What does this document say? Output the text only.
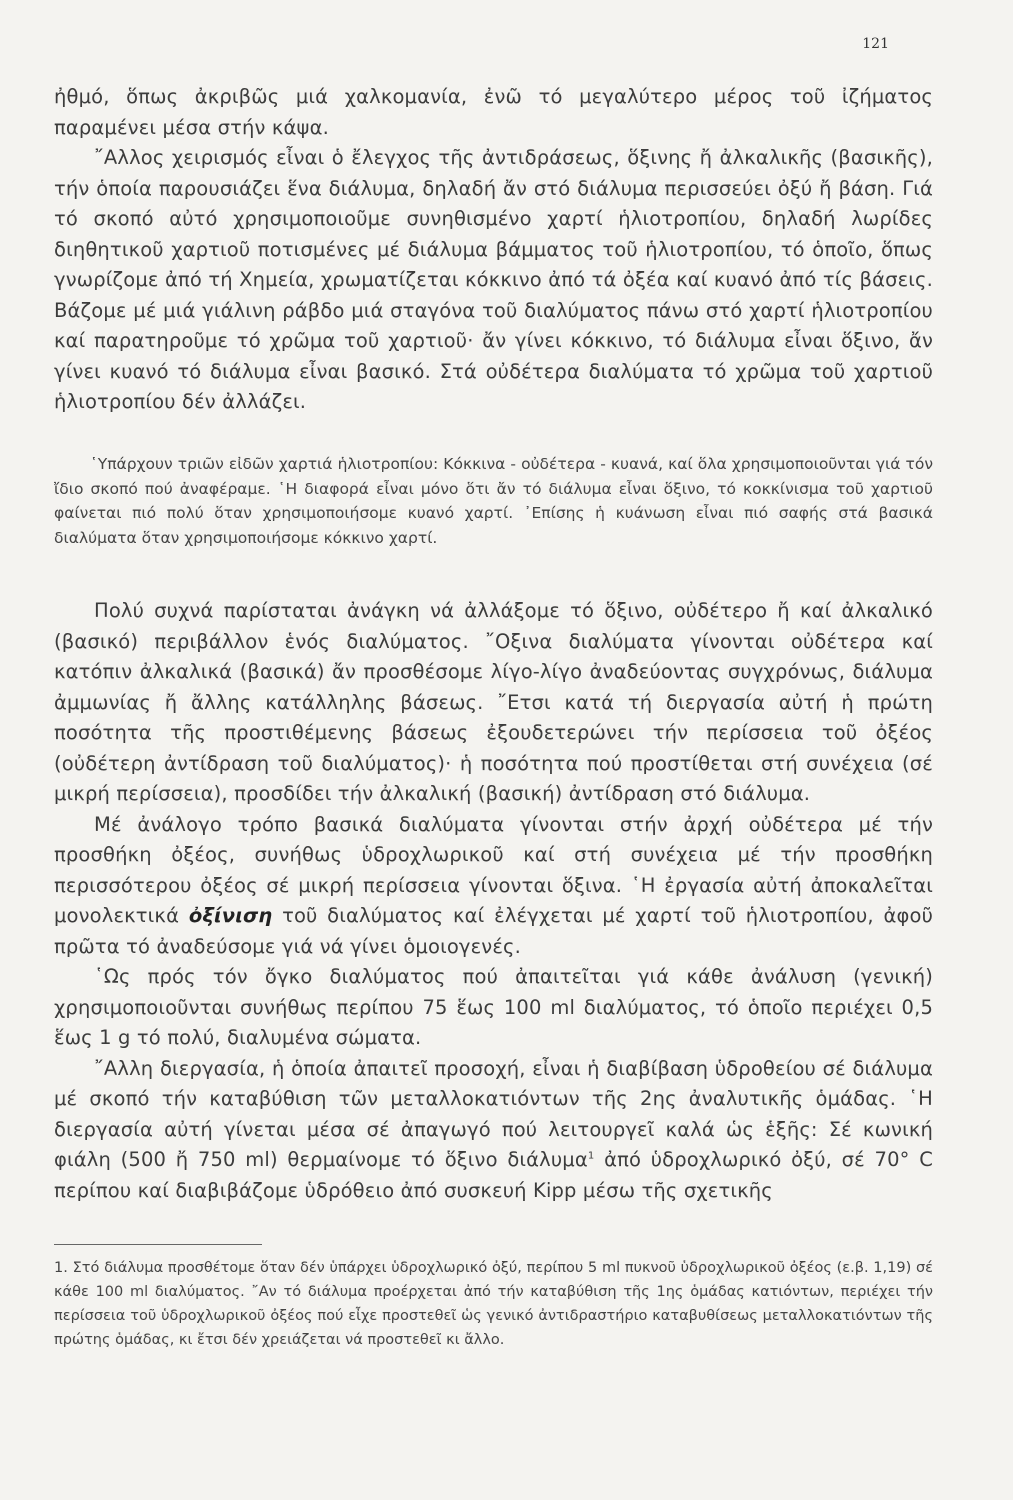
121

ἠθμό, ὅπως ἀκριβῶς μιά χαλκομανία, ἐνῶ τό μεγαλύτερο μέρος τοῦ ἰζήματος παραμένει μέσα στήν κάψα.

῎Αλλος χειρισμός εἶναι ὁ ἔλεγχος τῆς ἀντιδράσεως, ὅξινης ἤ ἀλκαλικῆς (βασικῆς), τήν ὁποία παρουσιάζει ἕνα διάλυμα, δηλαδή ἄν στό διάλυμα περισσεύει ὀξύ ἤ βάση. Γιά τό σκοπό αὐτό χρησιμοποιοῦμε συνηθισμένο χαρτί ἡλιοτροπίου, δηλαδή λωρίδες διηθητικοῦ χαρτιοῦ ποτισμένες μέ διάλυμα βάμματος τοῦ ἡλιοτροπίου, τό ὁποῖο, ὅπως γνωρίζομε ἀπό τή Χημεία, χρωματίζεται κόκκινο ἀπό τά ὀξέα καί κυανό ἀπό τίς βάσεις. Βάζομε μέ μιά γιάλινη ράβδο μιά σταγόνα τοῦ διαλύματος πάνω στό χαρτί ἡλιοτροπίου καί παρατηροῦμε τό χρῶμα τοῦ χαρτιοῦ· ἄν γίνει κόκκινο, τό διάλυμα εἶναι ὅξινο, ἄν γίνει κυανό τό διάλυμα εἶναι βασικό. Στά οὐδέτερα διαλύματα τό χρῶμα τοῦ χαρτιοῦ ἡλιοτροπίου δέν ἀλλάζει.

῾Υπάρχουν τριῶν εἰδῶν χαρτιά ἡλιοτροπίου: Κόκκινα - οὐδέτερα - κυανά, καί ὅλα χρησιμοποιοῦνται γιά τόν ἴδιο σκοπό πού ἀναφέραμε. ῾Η διαφορά εἶναι μόνο ὅτι ἄν τό διάλυμα εἶναι ὅξινο, τό κοκκίνισμα τοῦ χαρτιοῦ φαίνεται πιό πολύ ὅταν χρησιμοποιήσομε κυανό χαρτί. ᾿Επίσης ἡ κυάνωση εἶναι πιό σαφής στά βασικά διαλύματα ὅταν χρησιμοποιήσομε κόκκινο χαρτί.

Πολύ συχνά παρίσταται ἀνάγκη νά ἀλλάξομε τό ὅξινο, οὐδέτερο ἤ καί ἀλκαλικό (βασικό) περιβάλλον ἑνός διαλύματος. ῎Οξινα διαλύματα γίνονται οὐδέτερα καί κατόπιν ἀλκαλικά (βασικά) ἄν προσθέσομε λίγο-λίγο ἀναδεύοντας συγχρόνως, διάλυμα ἀμμωνίας ἤ ἄλλης κατάλληλης βάσεως. ῎Ετσι κατά τή διεργασία αὐτή ἡ πρώτη ποσότητα τῆς προστιθέμενης βάσεως ἐξουδετερώνει τήν περίσσεια τοῦ ὀξέος (οὐδέτερη ἀντίδραση τοῦ διαλύματος)· ἡ ποσότητα πού προστίθεται στή συνέχεια (σέ μικρή περίσσεια), προσδίδει τήν ἀλκαλική (βασική) ἀντίδραση στό διάλυμα.

Μέ ἀνάλογο τρόπο βασικά διαλύματα γίνονται στήν ἀρχή οὐδέτερα μέ τήν προσθήκη ὀξέος, συνήθως ὑδροχλωρικοῦ καί στή συνέχεια μέ τήν προσθήκη περισσότερου ὀξέος σέ μικρή περίσσεια γίνονται ὅξινα. ῾Η ἐργασία αὐτή ἀποκαλεῖται μονολεκτικά ὀξίνιση τοῦ διαλύματος καί ἐλέγχεται μέ χαρτί τοῦ ἡλιοτροπίου, ἀφοῦ πρῶτα τό ἀναδεύσομε γιά νά γίνει ὁμοιογενές.

῾Ως πρός τόν ὄγκο διαλύματος πού ἀπαιτεῖται γιά κάθε ἀνάλυση (γενική) χρησιμοποιοῦνται συνήθως περίπου 75 ἕως 100 ml διαλύματος, τό ὁποῖο περιέχει 0,5 ἕως 1 g τό πολύ, διαλυμένα σώματα.

῎Αλλη διεργασία, ἡ ὁποία ἀπαιτεῖ προσοχή, εἶναι ἡ διαβίβαση ὑδροθείου σέ διάλυμα μέ σκοπό τήν καταβύθιση τῶν μεταλλοκατιόντων τῆς 2ης ἀναλυτικῆς ὁμάδας. ῾Η διεργασία αὐτή γίνεται μέσα σέ ἀπαγωγό πού λειτουργεῖ καλά ὡς ἑξῆς: Σέ κωνική φιάλη (500 ἤ 750 ml) θερμαίνομε τό ὅξινο διάλυμα$^1$ ἀπό ὑδροχλωρικό ὀξύ, σέ 70° C περίπου καί διαβιβάζομε ὑδρόθειο ἀπό συσκευή Kipp μέσω τῆς σχετικῆς

1. Στό διάλυμα προσθέτομε ὅταν δέν ὑπάρχει ὑδροχλωρικό ὀξύ, περίπου 5 ml πυκνοῦ ὑδροχλωρικοῦ ὀξέος (ε.β. 1,19) σέ κάθε 100 ml διαλύματος. ῎Αν τό διάλυμα προέρχεται ἀπό τήν καταβύθιση τῆς 1ης ὁμάδας κατιόντων, περιέχει τήν περίσσεια τοῦ ὑδροχλωρικοῦ ὀξέος πού εἶχε προστεθεῖ ὡς γενικό ἀντιδραστήριο καταβυθίσεως μεταλλοκατιόντων τῆς πρώτης ὁμάδας, κι ἔτσι δέν χρειάζεται νά προστεθεῖ κι ἄλλο.
